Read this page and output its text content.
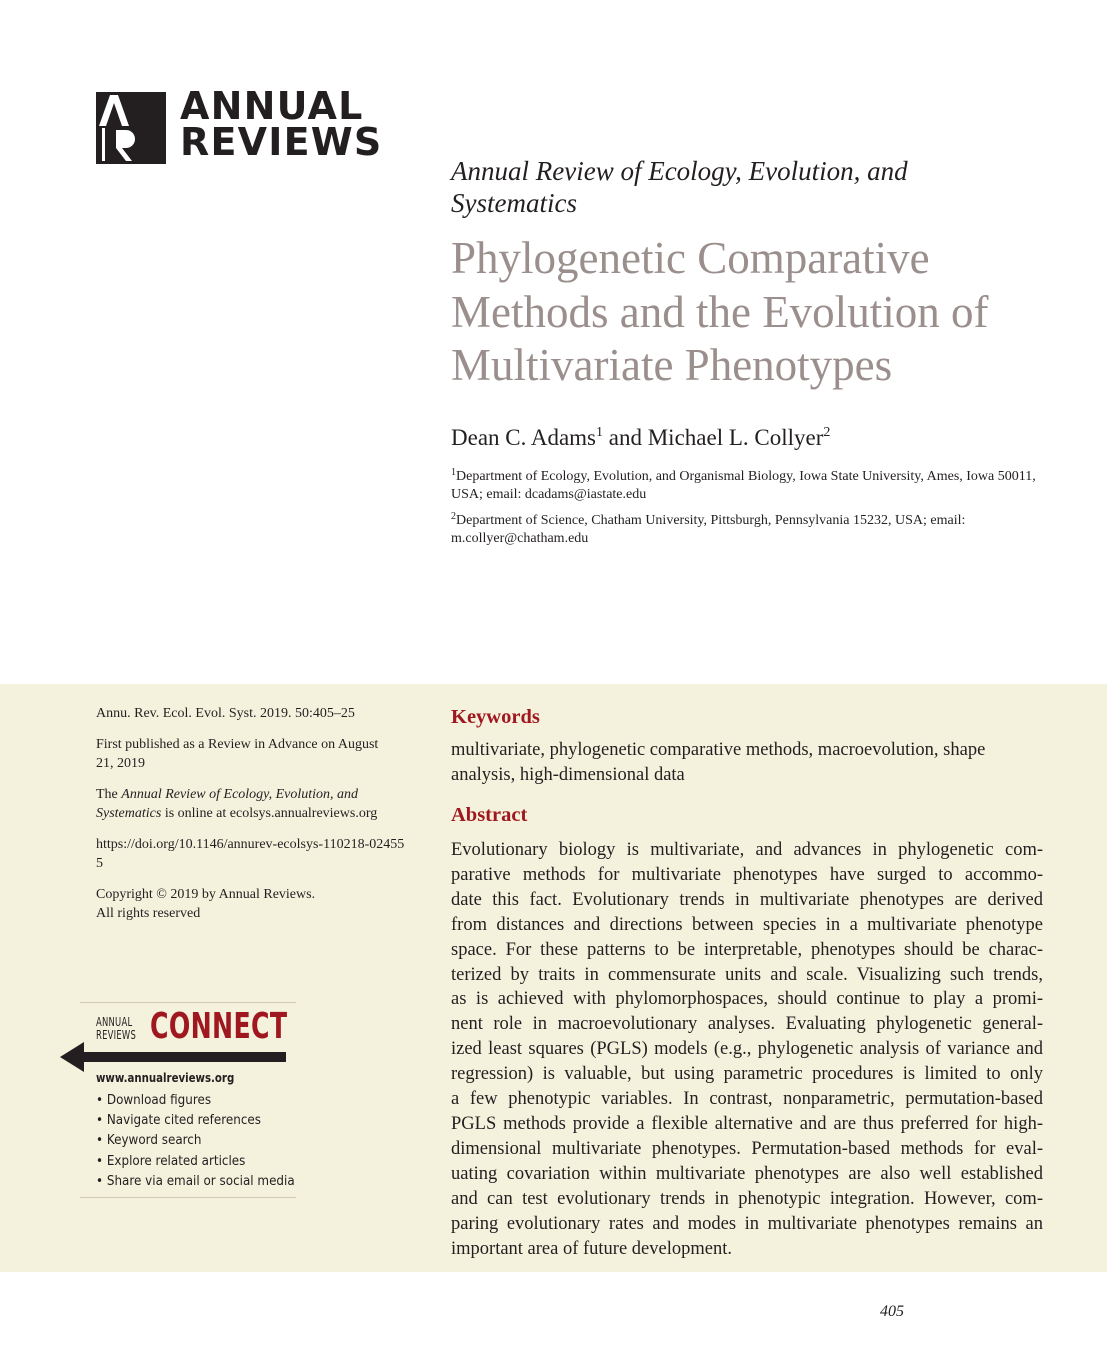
ANNUAL
REVIEWS
Annual Review of Ecology, Evolution, and Systematics
Phylogenetic Comparative Methods and the Evolution of Multivariate Phenotypes
Dean C. Adams$^1$ and Michael L. Collyer$^2$
$^1$Department of Ecology, Evolution, and Organismal Biology, Iowa State University, Ames, Iowa 50011, USA; email: dcadams@iastate.edu
$^2$Department of Science, Chatham University, Pittsburgh, Pennsylvania 15232, USA; email: m.collyer@chatham.edu
Annu. Rev. Ecol. Evol. Syst. 2019. 50:405–25
First published as a Review in Advance on August 21, 2019
The Annual Review of Ecology, Evolution, and Systematics is online at ecolsys.annualreviews.org
https://doi.org/10.1146/annurev-ecolsys-110218-024555
Copyright © 2019 by Annual Reviews.
All rights reserved
ANNUAL
REVIEWS CONNECT
www.annualreviews.org
• Download figures
• Navigate cited references
• Keyword search
• Explore related articles
• Share via email or social media
Keywords
multivariate, phylogenetic comparative methods, macroevolution, shape analysis, high-dimensional data
Abstract
Evolutionary biology is multivariate, and advances in phylogenetic com-
parative methods for multivariate phenotypes have surged to accommo-
date this fact. Evolutionary trends in multivariate phenotypes are derived
from distances and directions between species in a multivariate phenotype
space. For these patterns to be interpretable, phenotypes should be charac-
terized by traits in commensurate units and scale. Visualizing such trends,
as is achieved with phylomorphospaces, should continue to play a promi-
nent role in macroevolutionary analyses. Evaluating phylogenetic general-
ized least squares (PGLS) models (e.g., phylogenetic analysis of variance and
regression) is valuable, but using parametric procedures is limited to only
a few phenotypic variables. In contrast, nonparametric, permutation-based
PGLS methods provide a flexible alternative and are thus preferred for high-
dimensional multivariate phenotypes. Permutation-based methods for eval-
uating covariation within multivariate phenotypes are also well established
and can test evolutionary trends in phenotypic integration. However, com-
paring evolutionary rates and modes in multivariate phenotypes remains an
important area of future development.
405
